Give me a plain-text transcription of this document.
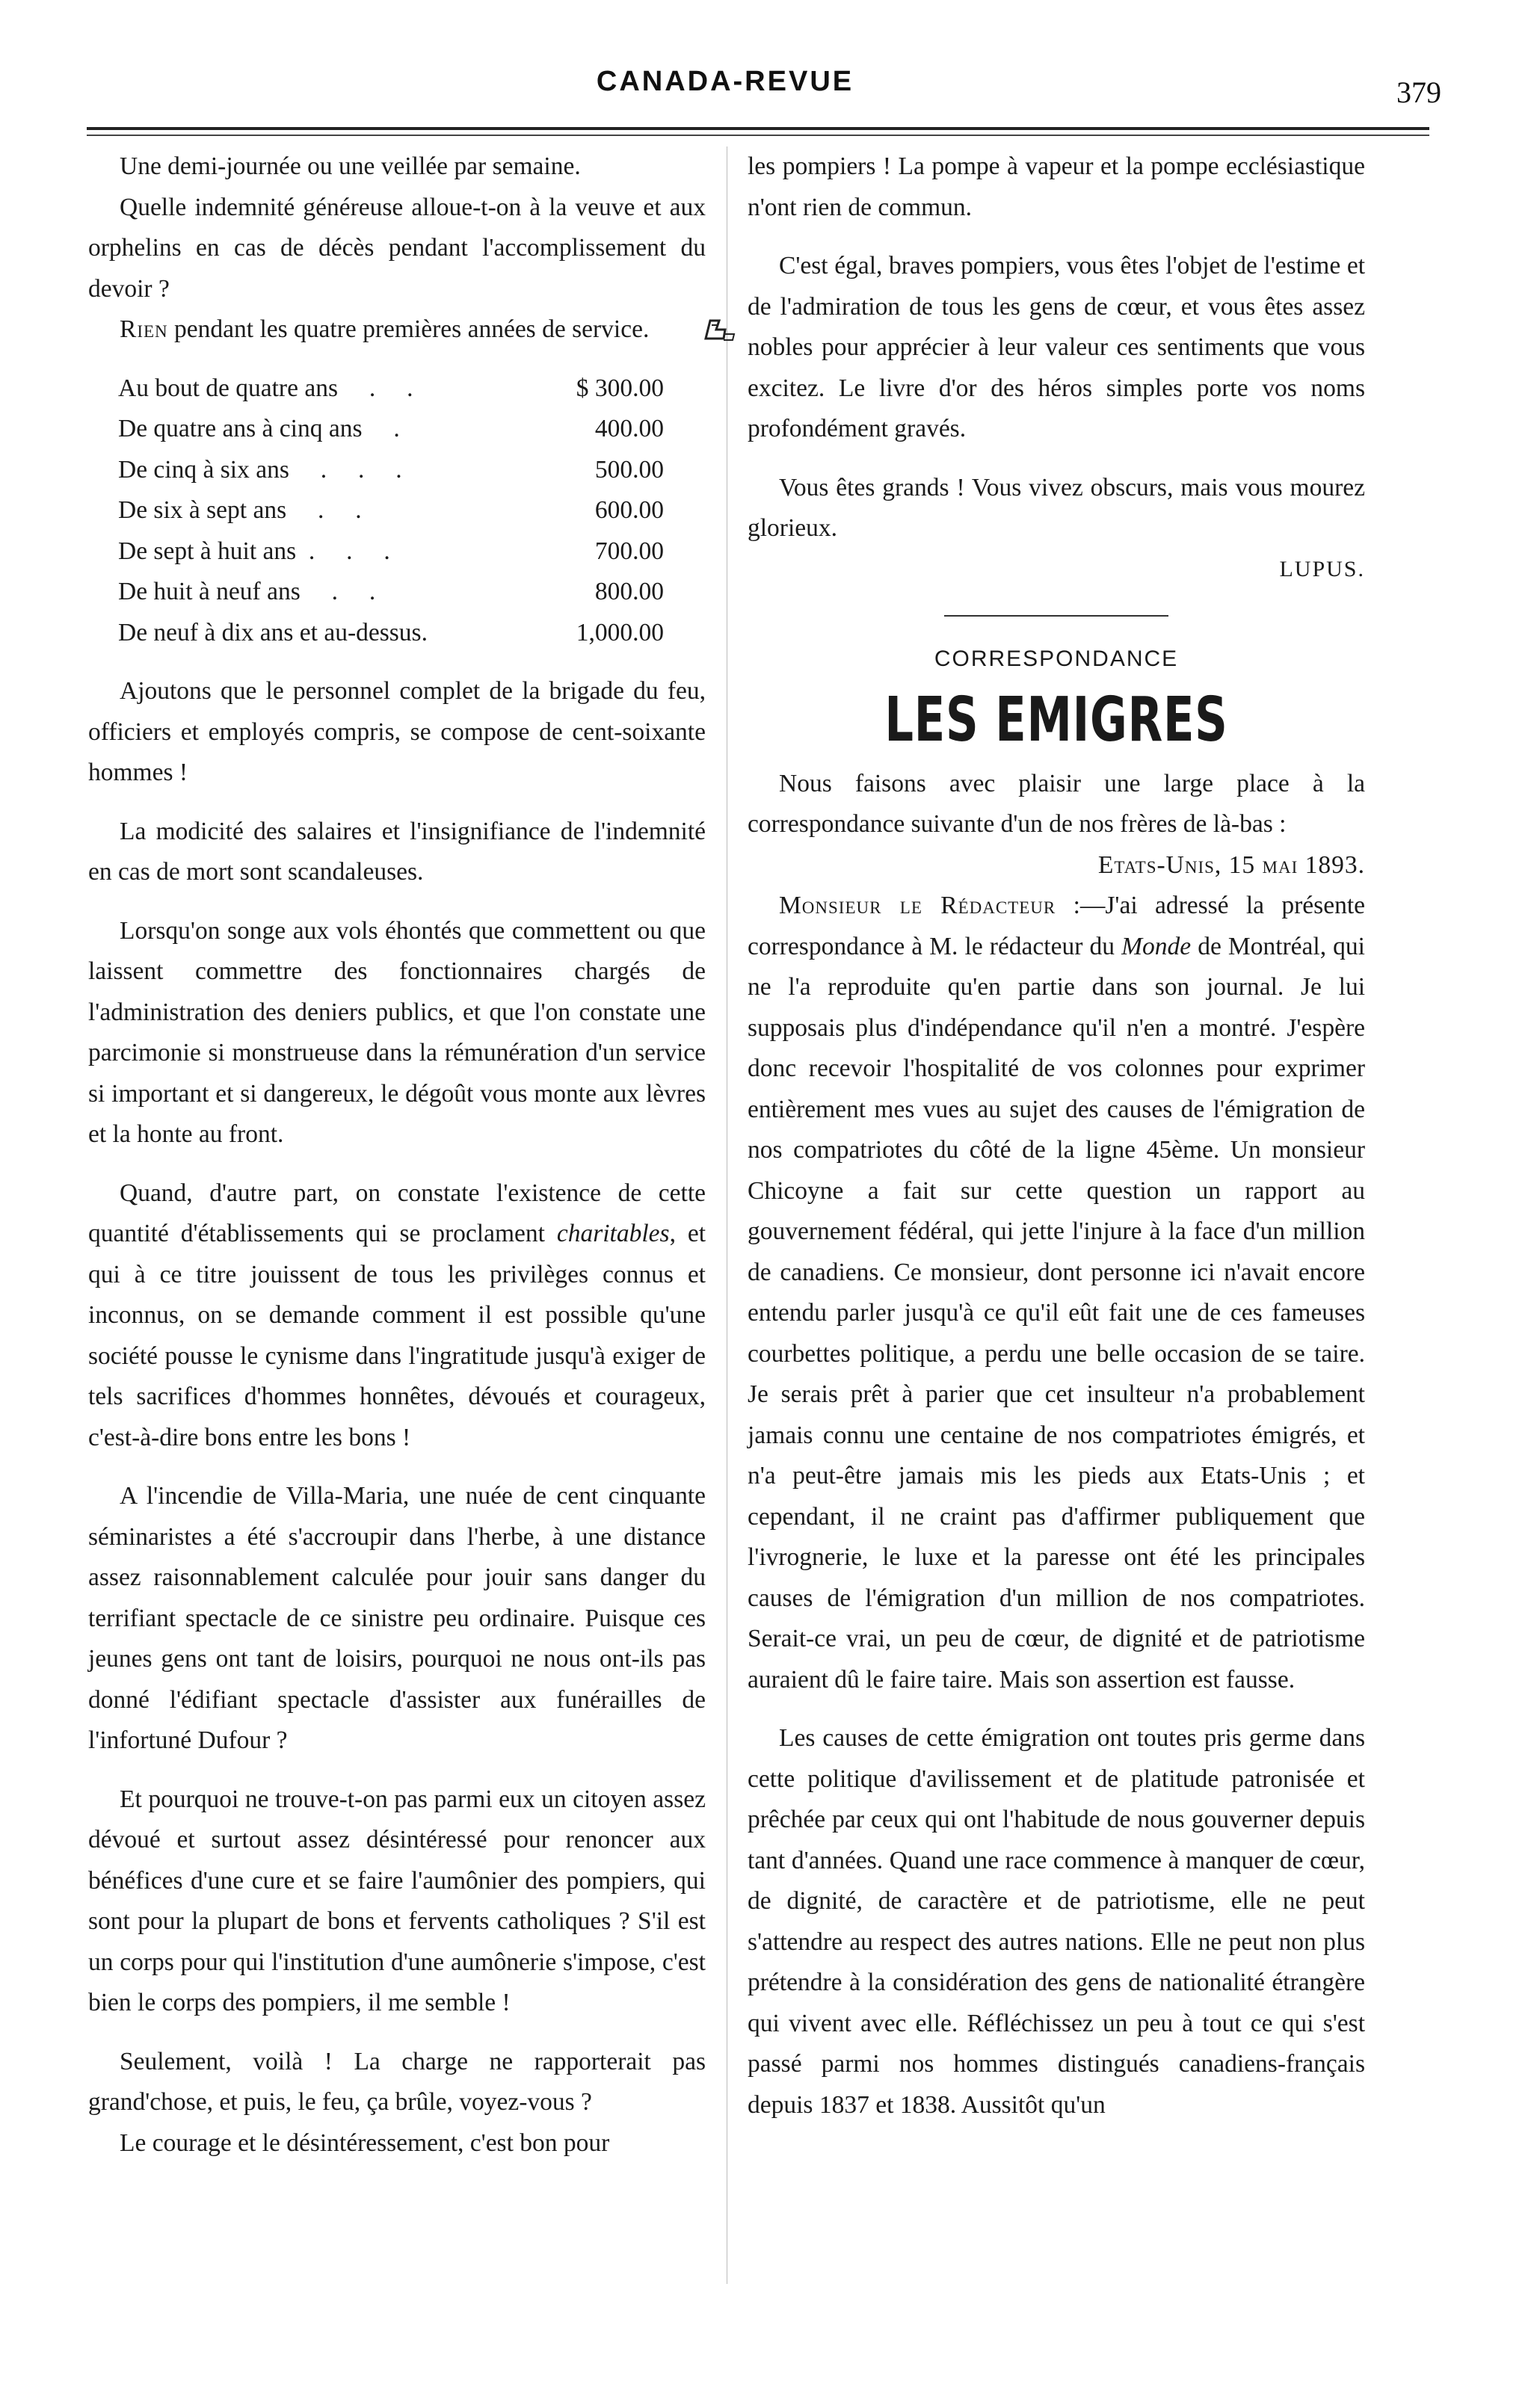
CANADA-REVUE	379

Une demi-journée ou une veillée par semaine.

Quelle indemnité généreuse alloue-t-on à la veuve et aux orphelins en cas de décès pendant l'accomplissement du devoir ?

Rien pendant les quatre premières années de service.

Au bout de quatre ans     .     .	$ 300.00
De quatre ans à cinq ans     .	400.00
De cinq à six ans     .     .     .	500.00
De six à sept ans     .     .	600.00
De sept à huit ans  .     .     .	700.00
De huit à neuf ans     .     .	800.00
De neuf à dix ans et au-dessus.	1,000.00

Ajoutons que le personnel complet de la brigade du feu, officiers et employés compris, se compose de cent-soixante hommes !

La modicité des salaires et l'insignifiance de l'indemnité en cas de mort sont scandaleuses.

Lorsqu'on songe aux vols éhontés que commettent ou que laissent commettre des fonctionnaires chargés de l'administration des deniers publics, et que l'on constate une parcimonie si monstrueuse dans la rémunération d'un service si important et si dangereux, le dégoût vous monte aux lèvres et la honte au front.

Quand, d'autre part, on constate l'existence de cette quantité d'établissements qui se proclament charitables, et qui à ce titre jouissent de tous les privilèges connus et inconnus, on se demande comment il est possible qu'une société pousse le cynisme dans l'ingratitude jusqu'à exiger de tels sacrifices d'hommes honnêtes, dévoués et courageux, c'est-à-dire bons entre les bons !

A l'incendie de Villa-Maria, une nuée de cent cinquante séminaristes a été s'accroupir dans l'herbe, à une distance assez raisonnablement calculée pour jouir sans danger du terrifiant spectacle de ce sinistre peu ordinaire. Puisque ces jeunes gens ont tant de loisirs, pourquoi ne nous ont-ils pas donné l'édifiant spectacle d'assister aux funérailles de l'infortuné Dufour ?

Et pourquoi ne trouve-t-on pas parmi eux un citoyen assez dévoué et surtout assez désintéressé pour renoncer aux bénéfices d'une cure et se faire l'aumônier des pompiers, qui sont pour la plupart de bons et fervents catholiques ? S'il est un corps pour qui l'institution d'une aumônerie s'impose, c'est bien le corps des pompiers, il me semble !

Seulement, voilà ! La charge ne rapporterait pas grand'chose, et puis, le feu, ça brûle, voyez-vous ?

Le courage et le désintéressement, c'est bon pour

les pompiers ! La pompe à vapeur et la pompe ecclésiastique n'ont rien de commun.

C'est égal, braves pompiers, vous êtes l'objet de l'estime et de l'admiration de tous les gens de cœur, et vous êtes assez nobles pour apprécier à leur valeur ces sentiments que vous excitez. Le livre d'or des héros simples porte vos noms profondément gravés.

Vous êtes grands ! Vous vivez obscurs, mais vous mourez glorieux.

LUPUS.

CORRESPONDANCE
LES EMIGRES

Nous faisons avec plaisir une large place à la correspondance suivante d'un de nos frères de là-bas :

Etats-Unis, 15 mai 1893.

Monsieur le Rédacteur :—J'ai adressé la présente correspondance à M. le rédacteur du Monde de Montréal, qui ne l'a reproduite qu'en partie dans son journal. Je lui supposais plus d'indépendance qu'il n'en a montré. J'espère donc recevoir l'hospitalité de vos colonnes pour exprimer entièrement mes vues au sujet des causes de l'émigration de nos compatriotes du côté de la ligne 45ème. Un monsieur Chicoyne a fait sur cette question un rapport au gouvernement fédéral, qui jette l'injure à la face d'un million de canadiens. Ce monsieur, dont personne ici n'avait encore entendu parler jusqu'à ce qu'il eût fait une de ces fameuses courbettes politique, a perdu une belle occasion de se taire. Je serais prêt à parier que cet insulteur n'a probablement jamais connu une centaine de nos compatriotes émigrés, et n'a peut-être jamais mis les pieds aux Etats-Unis ; et cependant, il ne craint pas d'affirmer publiquement que l'ivrognerie, le luxe et la paresse ont été les principales causes de l'émigration d'un million de nos compatriotes. Serait-ce vrai, un peu de cœur, de dignité et de patriotisme auraient dû le faire taire. Mais son assertion est fausse.

Les causes de cette émigration ont toutes pris germe dans cette politique d'avilissement et de platitude patronisée et prêchée par ceux qui ont l'habitude de nous gouverner depuis tant d'années. Quand une race commence à manquer de cœur, de dignité, de caractère et de patriotisme, elle ne peut s'attendre au respect des autres nations. Elle ne peut non plus prétendre à la considération des gens de nationalité étrangère qui vivent avec elle. Réfléchissez un peu à tout ce qui s'est passé parmi nos hommes distingués canadiens-français depuis 1837 et 1838. Aussitôt qu'un
